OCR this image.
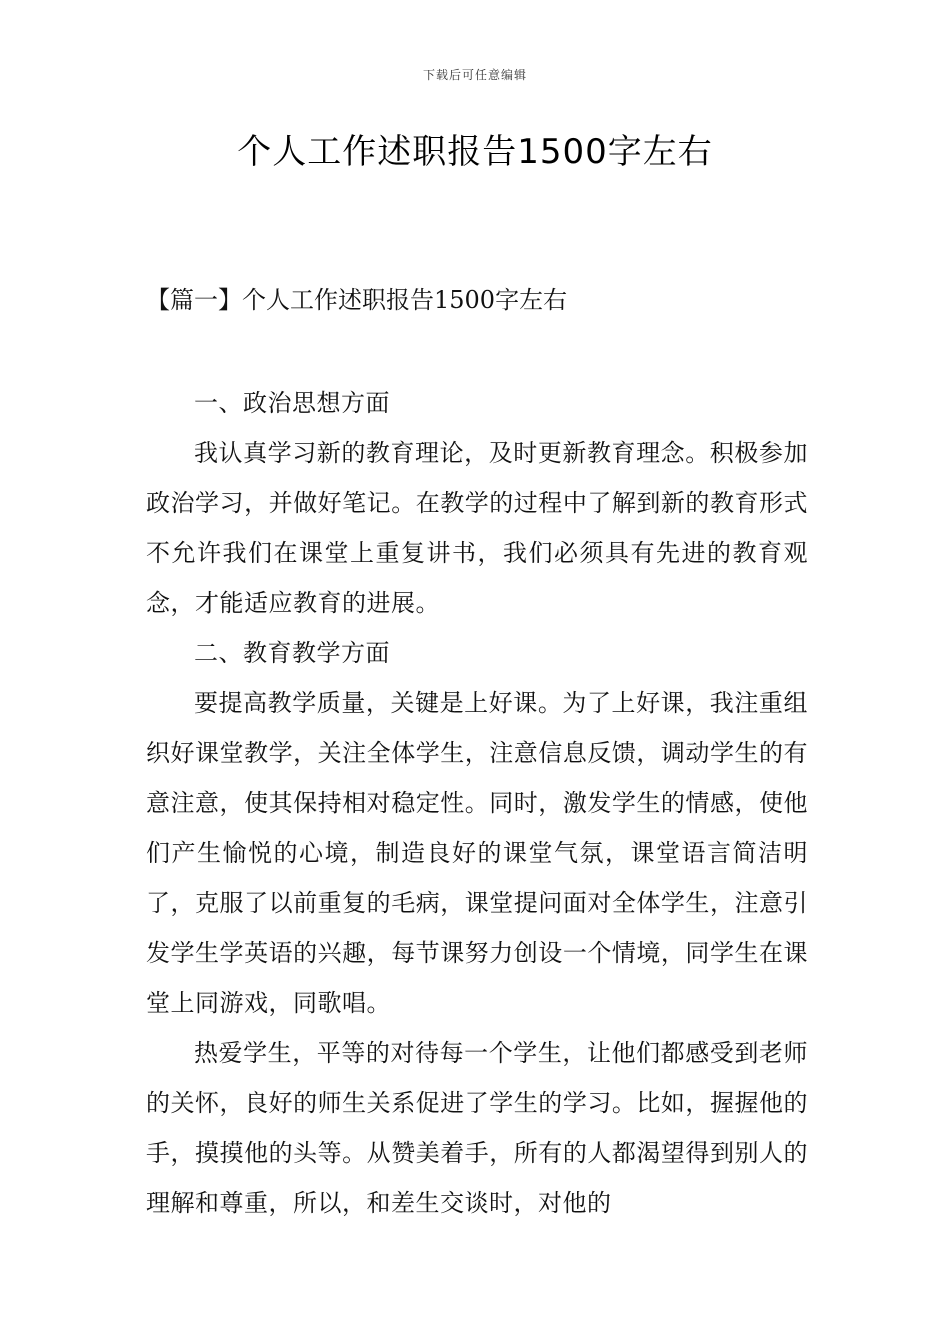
下载后可任意编辑
个人工作述职报告1500字左右

【篇一】个人工作述职报告1500字左右

一、政治思想方面

我认真学习新的教育理论，及时更新教育理念。积极参加政治学习，并做好笔记。在教学的过程中了解到新的教育形式不允许我们在课堂上重复讲书，我们必须具有先进的教育观念，才能适应教育的进展。

二、教育教学方面

要提高教学质量，关键是上好课。为了上好课，我注重组织好课堂教学，关注全体学生，注意信息反馈，调动学生的有意注意，使其保持相对稳定性。同时，激发学生的情感，使他们产生愉悦的心境，制造良好的课堂气氛，课堂语言简洁明了，克服了以前重复的毛病，课堂提问面对全体学生，注意引发学生学英语的兴趣，每节课努力创设一个情境，同学生在课堂上同游戏，同歌唱。

热爱学生，平等的对待每一个学生，让他们都感受到老师的关怀，良好的师生关系促进了学生的学习。比如，握握他的手，摸摸他的头等。从赞美着手，所有的人都渴望得到别人的理解和尊重，所以，和差生交谈时，对他的
